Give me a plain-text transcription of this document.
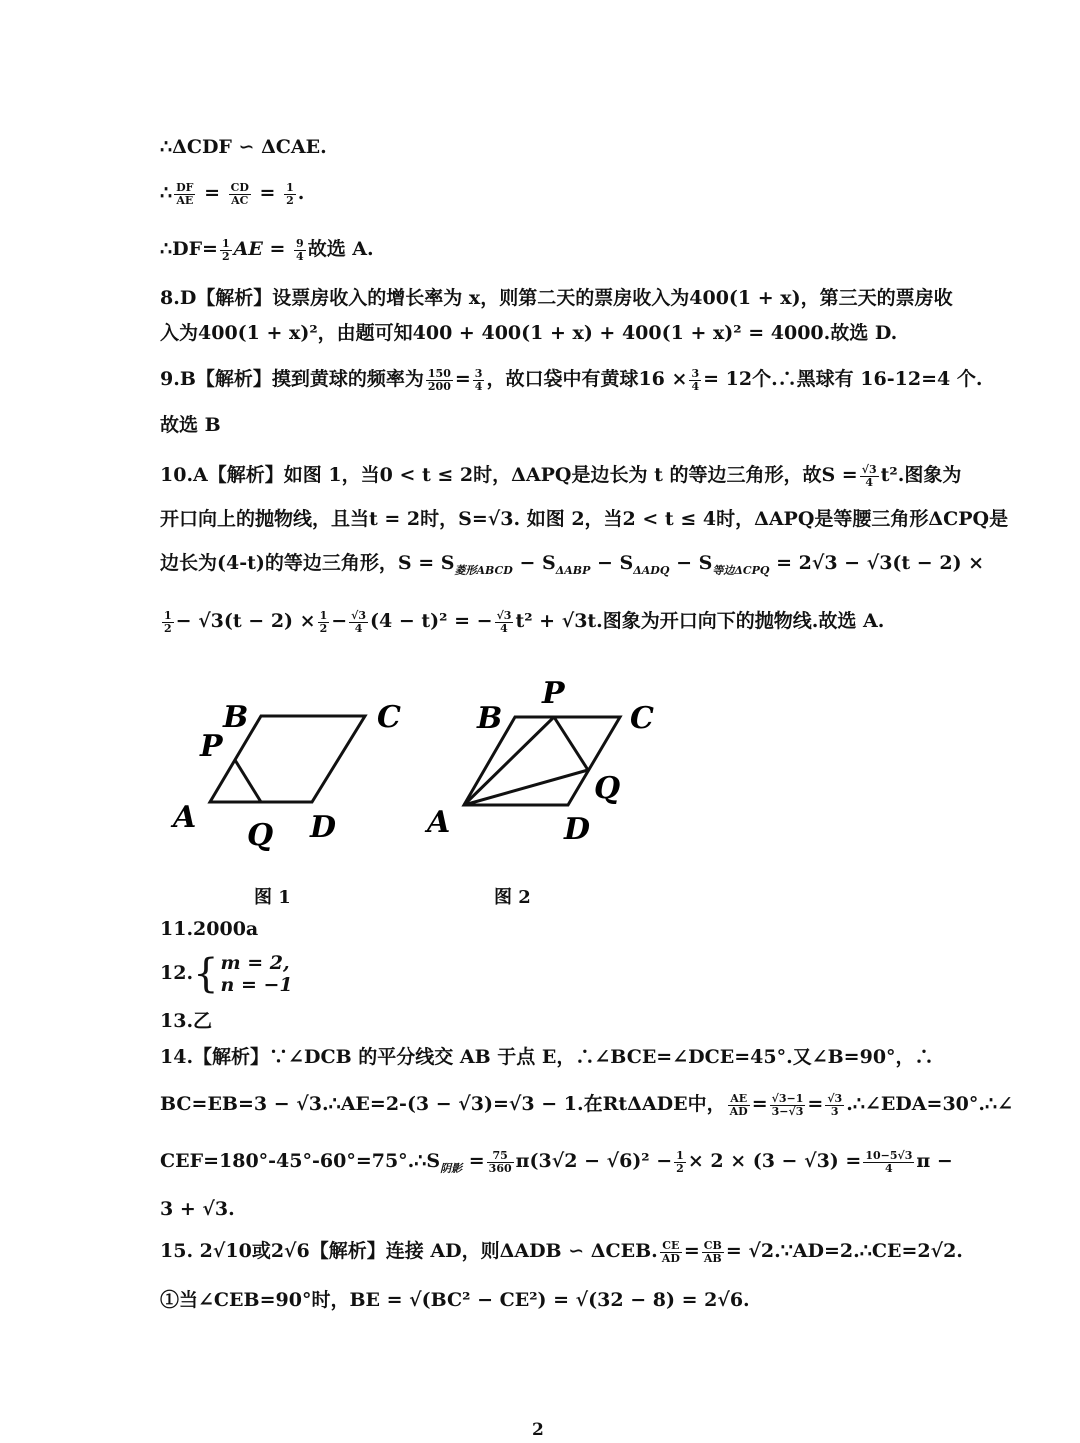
∴ΔCDF ∽ ΔCAE.
∴ $\frac{DF}{AE} = \frac{CD}{AC} = \frac{1}{2}$ .
∴DF= $\frac{1}{2}$ AE = $\frac{9}{4}$ 故选 A.
8.D【解析】设票房收入的增长率为 x，则第二天的票房收入为400(1 + x)，第三天的票房收
入为400(1 + x)²，由题可知400 + 400(1 + x) + 400(1 + x)² = 4000.故选 D.
9.B【解析】摸到黄球的频率为 $\frac{150}{200} = \frac{3}{4}$ ，故口袋中有黄球$16 \times \frac{3}{4} = 12$个.∴黑球有 16-12=4 个.
故选 B
10.A【解析】如图 1，当0 < t ≤ 2时，ΔAPQ是边长为 t 的等边三角形，故$S = \frac{√3}{4} t^2$.图象为
开口向上的抛物线，且当t = 2时，S=√3. 如图 2，当2 < t ≤ 4时，ΔAPQ是等腰三角形ΔCPQ是
边长为(4-t)的等边三角形，$S = S_{菱形ABCD} - S_{\Delta ABP} - S_{\Delta ADQ} - S_{等边\Delta CPQ} = 2√3 - √3(t - 2)$ ×
$\frac{1}{2} - √3(t - 2) \times \frac{1}{2} - \frac{√3}{4} (4 - t)^2$ = − $\frac{√3}{4} t^2 + √3t$.图象为开口向下的抛物线.故选 A.
B	C
P
A
Q D
图 1
P
B	C
Q
A	D
图 2
11.2000a
12.{ m = 2,
n = −1
13.乙
14.【解析】∵∠DCB 的平分线交 AB 于点 E，∴∠BCE=∠DCE=45°.又∠B=90°，∴
BC=EB=3 − √3.∴AE=2-(3 − √3)=√3 − 1.在RtΔADE中， $\frac{AE}{AD} = \frac{√3-1}{3-√3} = \frac{√3}{3}$ .∴∠EDA=30°.∴∠
$CEF=180^\circ-45^\circ-60^\circ=75^\circ.\therefore S_{阴影} = \frac{75}{360} \pi(3√2 - √6)^2 - \frac{1}{2} \times 2 \times (3 - √3) = \frac{10-5√3}{4}$ π −
3 + √3.
15. 2√10或2√6【解析】连接 AD，则ΔADB ∽ ΔCEB. $\frac{CE}{AD} = \frac{CB}{AB}$ = √2.∵AD=2.∴CE=2√2.
①当∠CEB=90°时，BE = √(BC² − CE²) = √(32 − 8) = 2√6.
2
